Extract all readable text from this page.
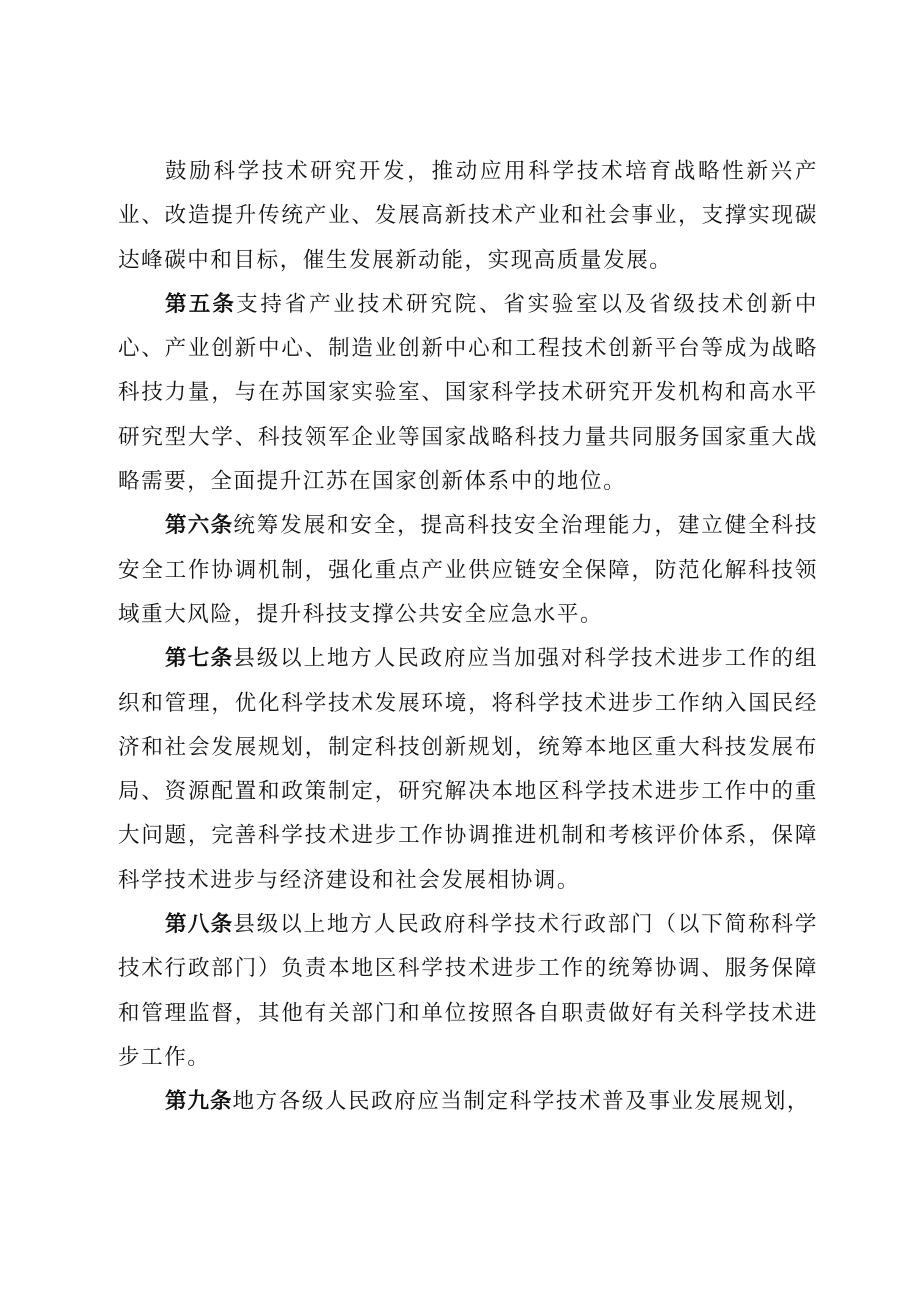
鼓励科学技术研究开发，推动应用科学技术培育战略性新兴产业、改造提升传统产业、发展高新技术产业和社会事业，支撑实现碳达峰碳中和目标，催生发展新动能，实现高质量发展。

第五条支持省产业技术研究院、省实验室以及省级技术创新中心、产业创新中心、制造业创新中心和工程技术创新平台等成为战略科技力量，与在苏国家实验室、国家科学技术研究开发机构和高水平研究型大学、科技领军企业等国家战略科技力量共同服务国家重大战略需要，全面提升江苏在国家创新体系中的地位。

第六条统筹发展和安全，提高科技安全治理能力，建立健全科技安全工作协调机制，强化重点产业供应链安全保障，防范化解科技领域重大风险，提升科技支撑公共安全应急水平。

第七条县级以上地方人民政府应当加强对科学技术进步工作的组织和管理，优化科学技术发展环境，将科学技术进步工作纳入国民经济和社会发展规划，制定科技创新规划，统筹本地区重大科技发展布局、资源配置和政策制定，研究解决本地区科学技术进步工作中的重大问题，完善科学技术进步工作协调推进机制和考核评价体系，保障科学技术进步与经济建设和社会发展相协调。

第八条县级以上地方人民政府科学技术行政部门（以下简称科学技术行政部门）负责本地区科学技术进步工作的统筹协调、服务保障和管理监督，其他有关部门和单位按照各自职责做好有关科学技术进步工作。

第九条地方各级人民政府应当制定科学技术普及事业发展规划，
